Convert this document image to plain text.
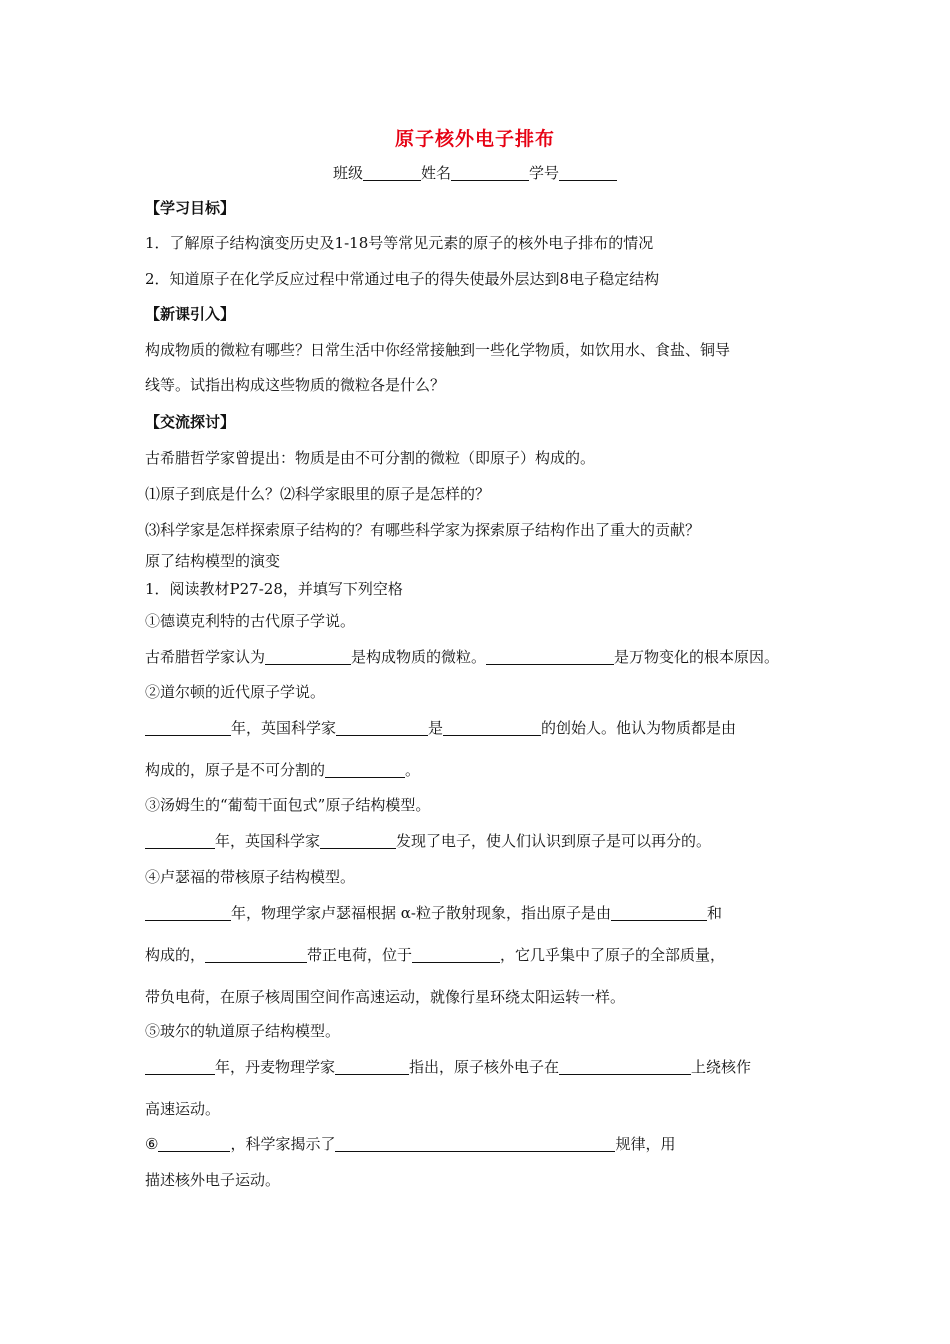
原子核外电子排布
班级	姓名	学号
【学习目标】
1．了解原子结构演变历史及1-18号等常见元素的原子的核外电子排布的情况
2．知道原子在化学反应过程中常通过电子的得失使最外层达到8电子稳定结构
【新课引入】
构成物质的微粒有哪些？日常生活中你经常接触到一些化学物质，如饮用水、食盐、铜导
线等。试指出构成这些物质的微粒各是什么？
【交流探讨】
古希腊哲学家曾提出：物质是由不可分割的微粒（即原子）构成的。
⑴原子到底是什么？⑵科学家眼里的原子是怎样的？
⑶科学家是怎样探索原子结构的？有哪些科学家为探索原子结构作出了重大的贡献？
原了结构模型的演变
1．阅读教材P27-28，并填写下列空格
①德谟克利特的古代原子学说。
古希腊哲学家认为	是构成物质的微粒。	是万物变化的根本原因。
②道尔顿的近代原子学说。
年，英国科学家	是	的创始人。他认为物质都是由
构成的，原子是不可分割的	。
③汤姆生的“葡萄干面包式”原子结构模型。
年，英国科学家	发现了电子，使人们认识到原子是可以再分的。
④卢瑟福的带核原子结构模型。
年，物理学家卢瑟福根据 α-粒子散射现象，指出原子是由	和
构成的，	带正电荷，位于	，它几乎集中了原子的全部质量，
带负电荷，在原子核周围空间作高速运动，就像行星环绕太阳运转一样。
⑤玻尔的轨道原子结构模型。
年，丹麦物理学家	指出，原子核外电子在	上绕核作
高速运动。
⑥	，科学家揭示了	规律，用
描述核外电子运动。
